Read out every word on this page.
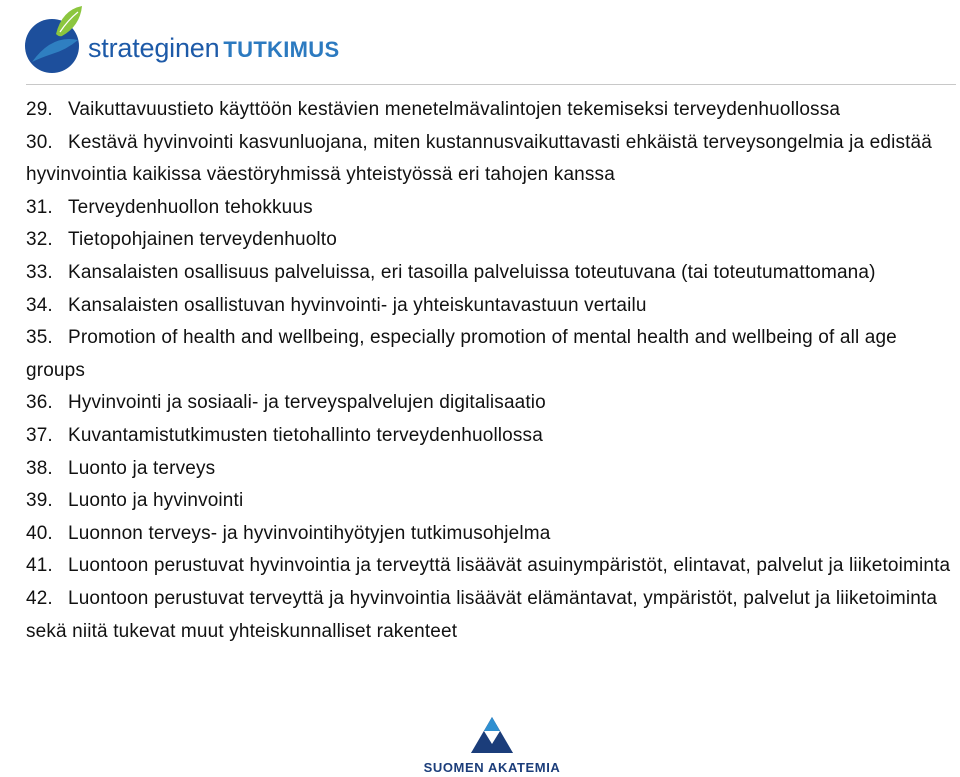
strateginen TUTKIMUS
29. Vaikuttavuustieto käyttöön kestävien menetelmävalintojen tekemiseksi terveydenhuollossa
30. Kestävä hyvinvointi kasvunluojana, miten kustannusvaikuttavasti ehkäistä terveysongelmia ja edistää hyvinvointia kaikissa väestöryhmissä yhteistyössä eri tahojen kanssa
31. Terveydenhuollon tehokkuus
32. Tietopohjainen terveydenhuolto
33. Kansalaisten osallisuus palveluissa, eri tasoilla palveluissa toteutuvana (tai toteutumattomana)
34. Kansalaisten osallistuvan hyvinvointi- ja yhteiskuntavastuun vertailu
35. Promotion of health and wellbeing, especially promotion of mental health and wellbeing of all age groups
36. Hyvinvointi ja sosiaali- ja terveyspalvelujen digitalisaatio
37. Kuvantamistutkimusten tietohallinto terveydenhuollossa
38. Luonto ja terveys
39. Luonto ja hyvinvointi
40. Luonnon terveys- ja hyvinvointihyötyjen tutkimusohjelma
41. Luontoon perustuvat hyvinvointia ja terveyttä lisäävät asuinympäristöt, elintavat, palvelut ja liiketoiminta
42. Luontoon perustuvat terveyttä ja hyvinvointia lisäävät elämäntavat, ympäristöt, palvelut ja liiketoiminta sekä niitä tukevat muut yhteiskunnalliset rakenteet
SUOMEN AKATEMIA
